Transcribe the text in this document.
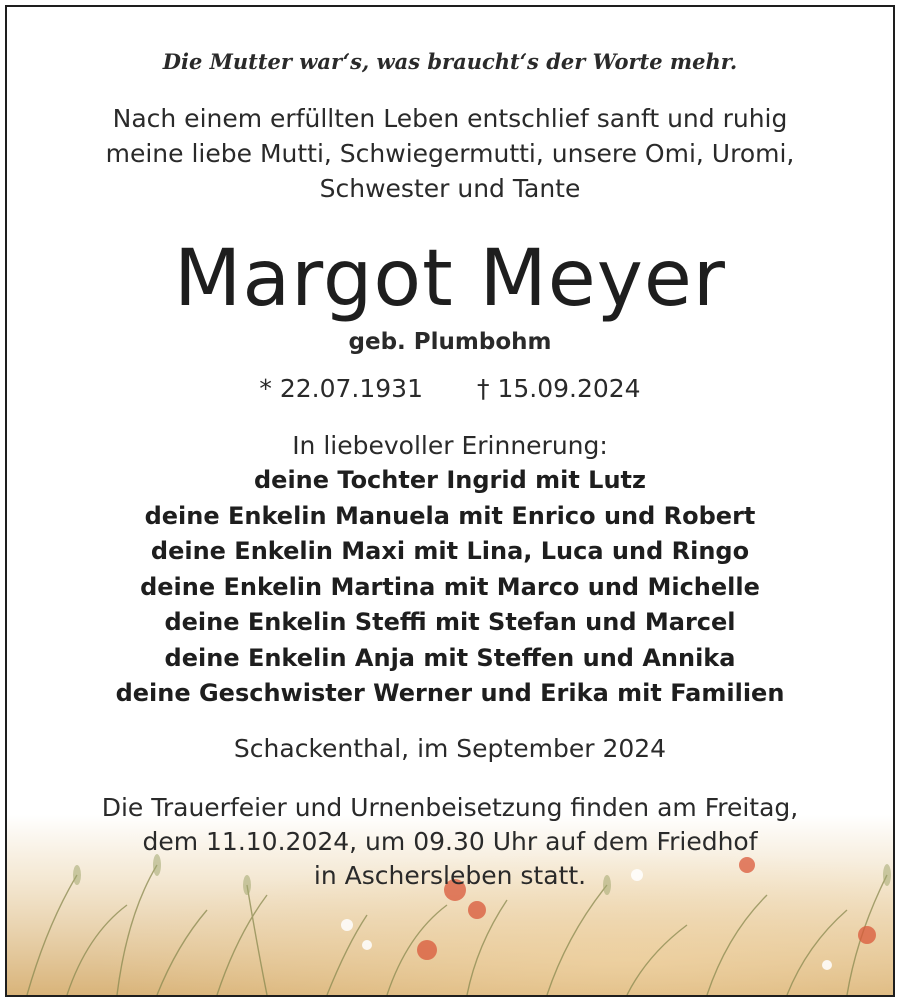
Die Mutter war‘s, was braucht‘s der Worte mehr.
Nach einem erfüllten Leben entschlief sanft und ruhig
meine liebe Mutti, Schwiegermutti, unsere Omi, Uromi,
Schwester und Tante
Margot Meyer
geb. Plumbohm
* 22.07.1931 † 15.09.2024
In liebevoller Erinnerung:
deine Tochter Ingrid mit Lutz
deine Enkelin Manuela mit Enrico und Robert
deine Enkelin Maxi mit Lina, Luca und Ringo
deine Enkelin Martina mit Marco und Michelle
deine Enkelin Steffi mit Stefan und Marcel
deine Enkelin Anja mit Steffen und Annika
deine Geschwister Werner und Erika mit Familien
Schackenthal, im September 2024
Die Trauerfeier und Urnenbeisetzung finden am Freitag,
dem 11.10.2024, um 09.30 Uhr auf dem Friedhof
in Aschersleben statt.
